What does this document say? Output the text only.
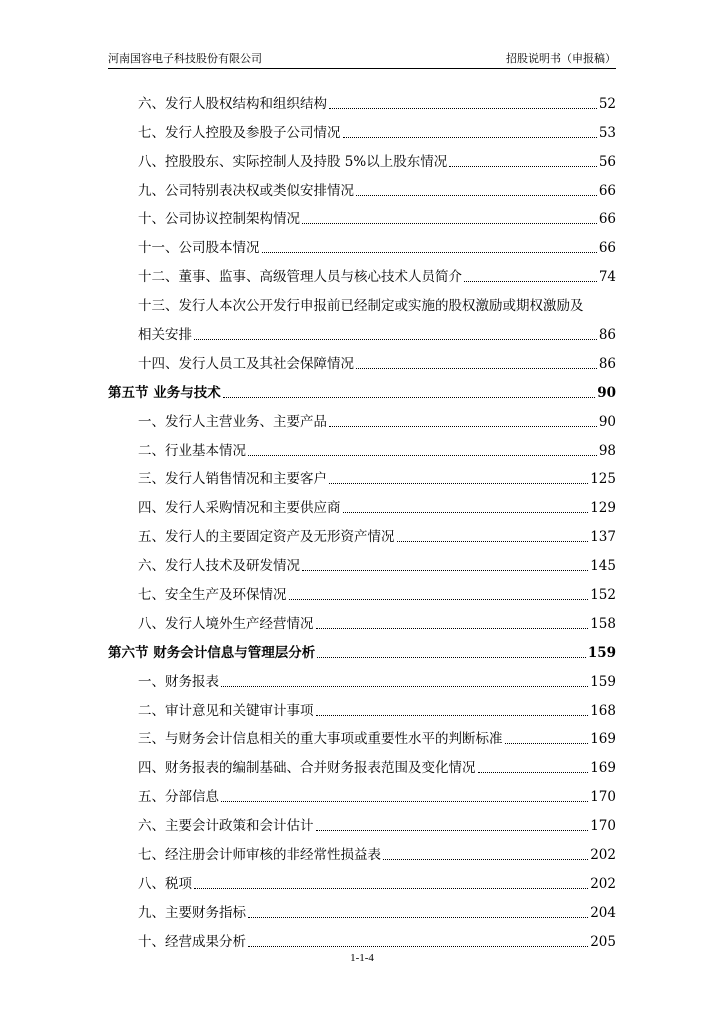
河南国容电子科技股份有限公司	招股说明书（申报稿）
六、发行人股权结构和组织结构	52
七、发行人控股及参股子公司情况	53
八、控股股东、实际控制人及持股 5%以上股东情况	56
九、公司特别表决权或类似安排情况	66
十、公司协议控制架构情况	66
十一、公司股本情况	66
十二、董事、监事、高级管理人员与核心技术人员简介	74
十三、发行人本次公开发行申报前已经制定或实施的股权激励或期权激励及
相关安排	86
十四、发行人员工及其社会保障情况	86
第五节 业务与技术	90
一、发行人主营业务、主要产品	90
二、行业基本情况	98
三、发行人销售情况和主要客户	125
四、发行人采购情况和主要供应商	129
五、发行人的主要固定资产及无形资产情况	137
六、发行人技术及研发情况	145
七、安全生产及环保情况	152
八、发行人境外生产经营情况	158
第六节 财务会计信息与管理层分析	159
一、财务报表	159
二、审计意见和关键审计事项	168
三、与财务会计信息相关的重大事项或重要性水平的判断标准	169
四、财务报表的编制基础、合并财务报表范围及变化情况	169
五、分部信息	170
六、主要会计政策和会计估计	170
七、经注册会计师审核的非经常性损益表	202
八、税项	202
九、主要财务指标	204
十、经营成果分析	205
1-1-4
